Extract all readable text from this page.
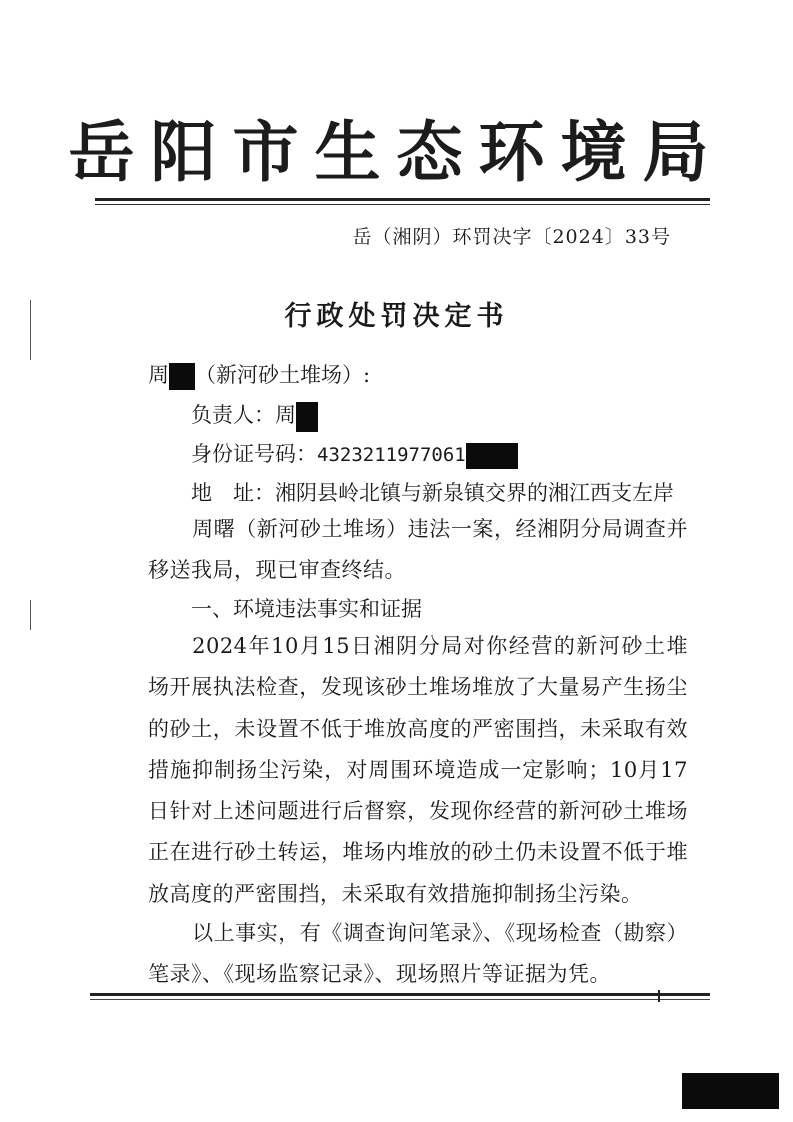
岳阳市生态环境局
岳（湘阴）环罚决字〔2024〕33号
行政处罚决定书
周 （新河砂土堆场）:
负责人：周
身份证号码：4323211977061
地　址：湘阴县岭北镇与新泉镇交界的湘江西支左岸
周曙（新河砂土堆场）违法一案，经湘阴分局调查并移送我局，现已审查终结。
一、环境违法事实和证据
2024年10月15日湘阴分局对你经营的新河砂土堆场开展执法检查，发现该砂土堆场堆放了大量易产生扬尘的砂土，未设置不低于堆放高度的严密围挡，未采取有效措施抑制扬尘污染，对周围环境造成一定影响；10月17日针对上述问题进行后督察，发现你经营的新河砂土堆场正在进行砂土转运，堆场内堆放的砂土仍未设置不低于堆放高度的严密围挡，未采取有效措施抑制扬尘污染。
以上事实，有《调查询问笔录》、《现场检查（勘察）笔录》、《现场监察记录》、现场照片等证据为凭。
